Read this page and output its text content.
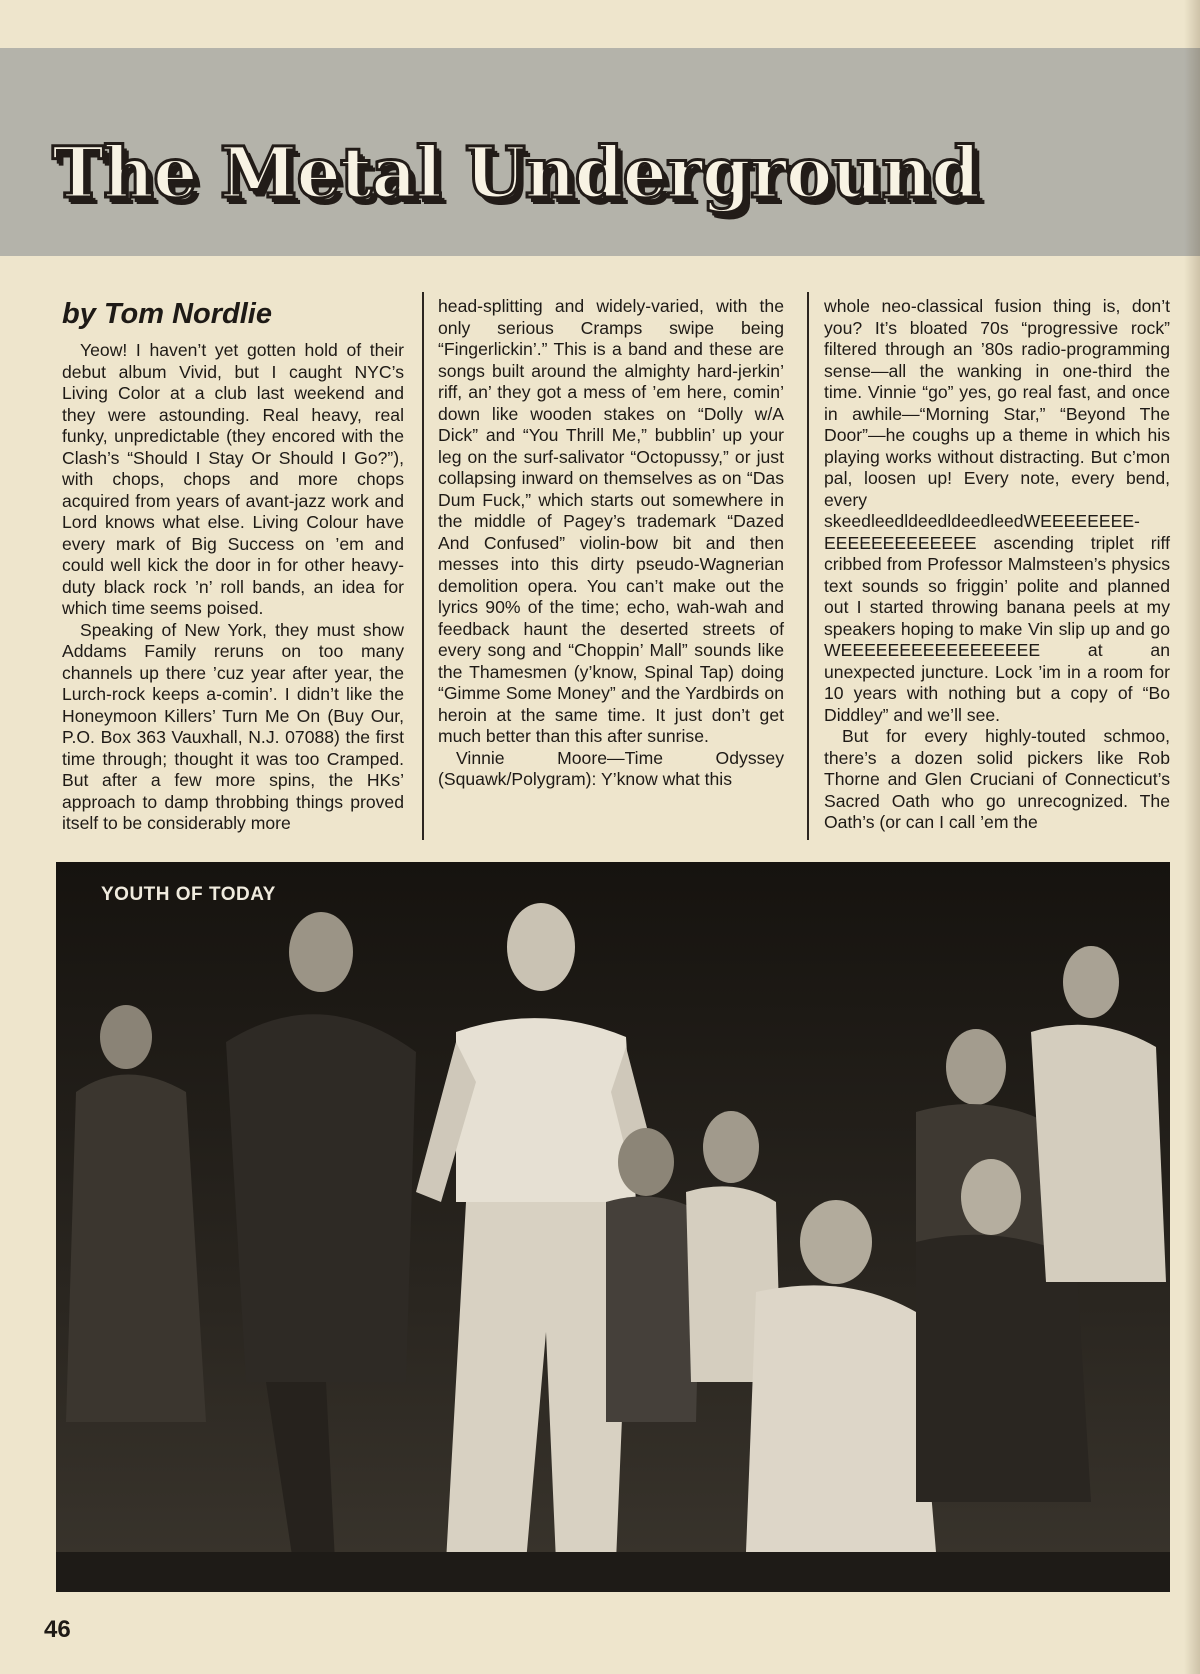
The Metal Underground
by Tom Nordlie

Yeow! I haven’t yet gotten hold of their debut album Vivid, but I caught NYC’s Living Color at a club last weekend and they were astounding. Real heavy, real funky, unpredictable (they encored with the Clash’s “Should I Stay Or Should I Go?”), with chops, chops and more chops acquired from years of avant-jazz work and Lord knows what else. Living Colour have every mark of Big Success on ’em and could well kick the door in for other heavy-duty black rock ’n’ roll bands, an idea for which time seems poised.

Speaking of New York, they must show Addams Family reruns on too many channels up there ’cuz year after year, the Lurch-rock keeps a-comin’. I didn’t like the Honeymoon Killers’ Turn Me On (Buy Our, P.O. Box 363 Vauxhall, N.J. 07088) the first time through; thought it was too Cramped. But after a few more spins, the HKs’ approach to damp throbbing things proved itself to be considerably more

head-splitting and widely-varied, with the only serious Cramps swipe being “Fingerlickin’.” This is a band and these are songs built around the almighty hard-jerkin’ riff, an’ they got a mess of ’em here, comin’ down like wooden stakes on “Dolly w/A Dick” and “You Thrill Me,” bubblin’ up your leg on the surf-salivator “Octopussy,” or just collapsing inward on themselves as on “Das Dum Fuck,” which starts out somewhere in the middle of Pagey’s trademark “Dazed And Confused” violin-bow bit and then messes into this dirty pseudo-Wagnerian demolition opera. You can’t make out the lyrics 90% of the time; echo, wah-wah and feedback haunt the deserted streets of every song and “Choppin’ Mall” sounds like the Thamesmen (y’know, Spinal Tap) doing “Gimme Some Money” and the Yardbirds on heroin at the same time. It just don’t get much better than this after sunrise.

Vinnie Moore—Time Odyssey (Squawk/Polygram): Y’know what this

whole neo-classical fusion thing is, don’t you? It’s bloated 70s “progressive rock” filtered through an ’80s radio-programming sense—all the wanking in one-third the time. Vinnie “go” yes, go real fast, and once in awhile—“Morning Star,” “Beyond The Door”—he coughs up a theme in which his playing works without distracting. But c’mon pal, loosen up! Every note, every bend, every skeedleedldeedldeedleedWEEEEEEEE-EEEEEEEEEEEEE ascending triplet riff cribbed from Professor Malmsteen’s physics text sounds so friggin’ polite and planned out I started throwing banana peels at my speakers hoping to make Vin slip up and go WEEEEEEEEEEEEEEEEE at an unexpected juncture. Lock ’im in a room for 10 years with nothing but a copy of “Bo Diddley” and we’ll see.

But for every highly-touted schmoo, there’s a dozen solid pickers like Rob Thorne and Glen Cruciani of Connecticut’s Sacred Oath who go unrecognized. The Oath’s (or can I call ’em the

YOUTH OF TODAY

46
